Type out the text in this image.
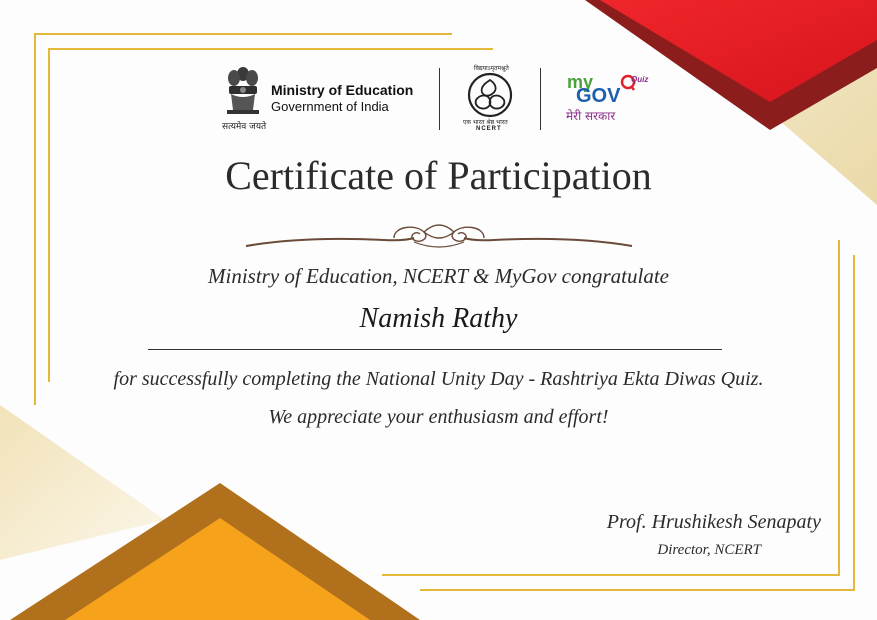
सत्यमेव जयते
Ministry of Education
Government of India
विद्ययाऽमृतमश्नुते
एक भारत श्रेष्ठ भारत
NCERT
my
GOV
Quiz
मेरी सरकार
Certificate of Participation
Ministry of Education, NCERT & MyGov congratulate
Namish Rathy
for successfully completing the National Unity Day - Rashtriya Ekta Diwas Quiz.
We appreciate your enthusiasm and effort!
Prof. Hrushikesh Senapaty
Director, NCERT
